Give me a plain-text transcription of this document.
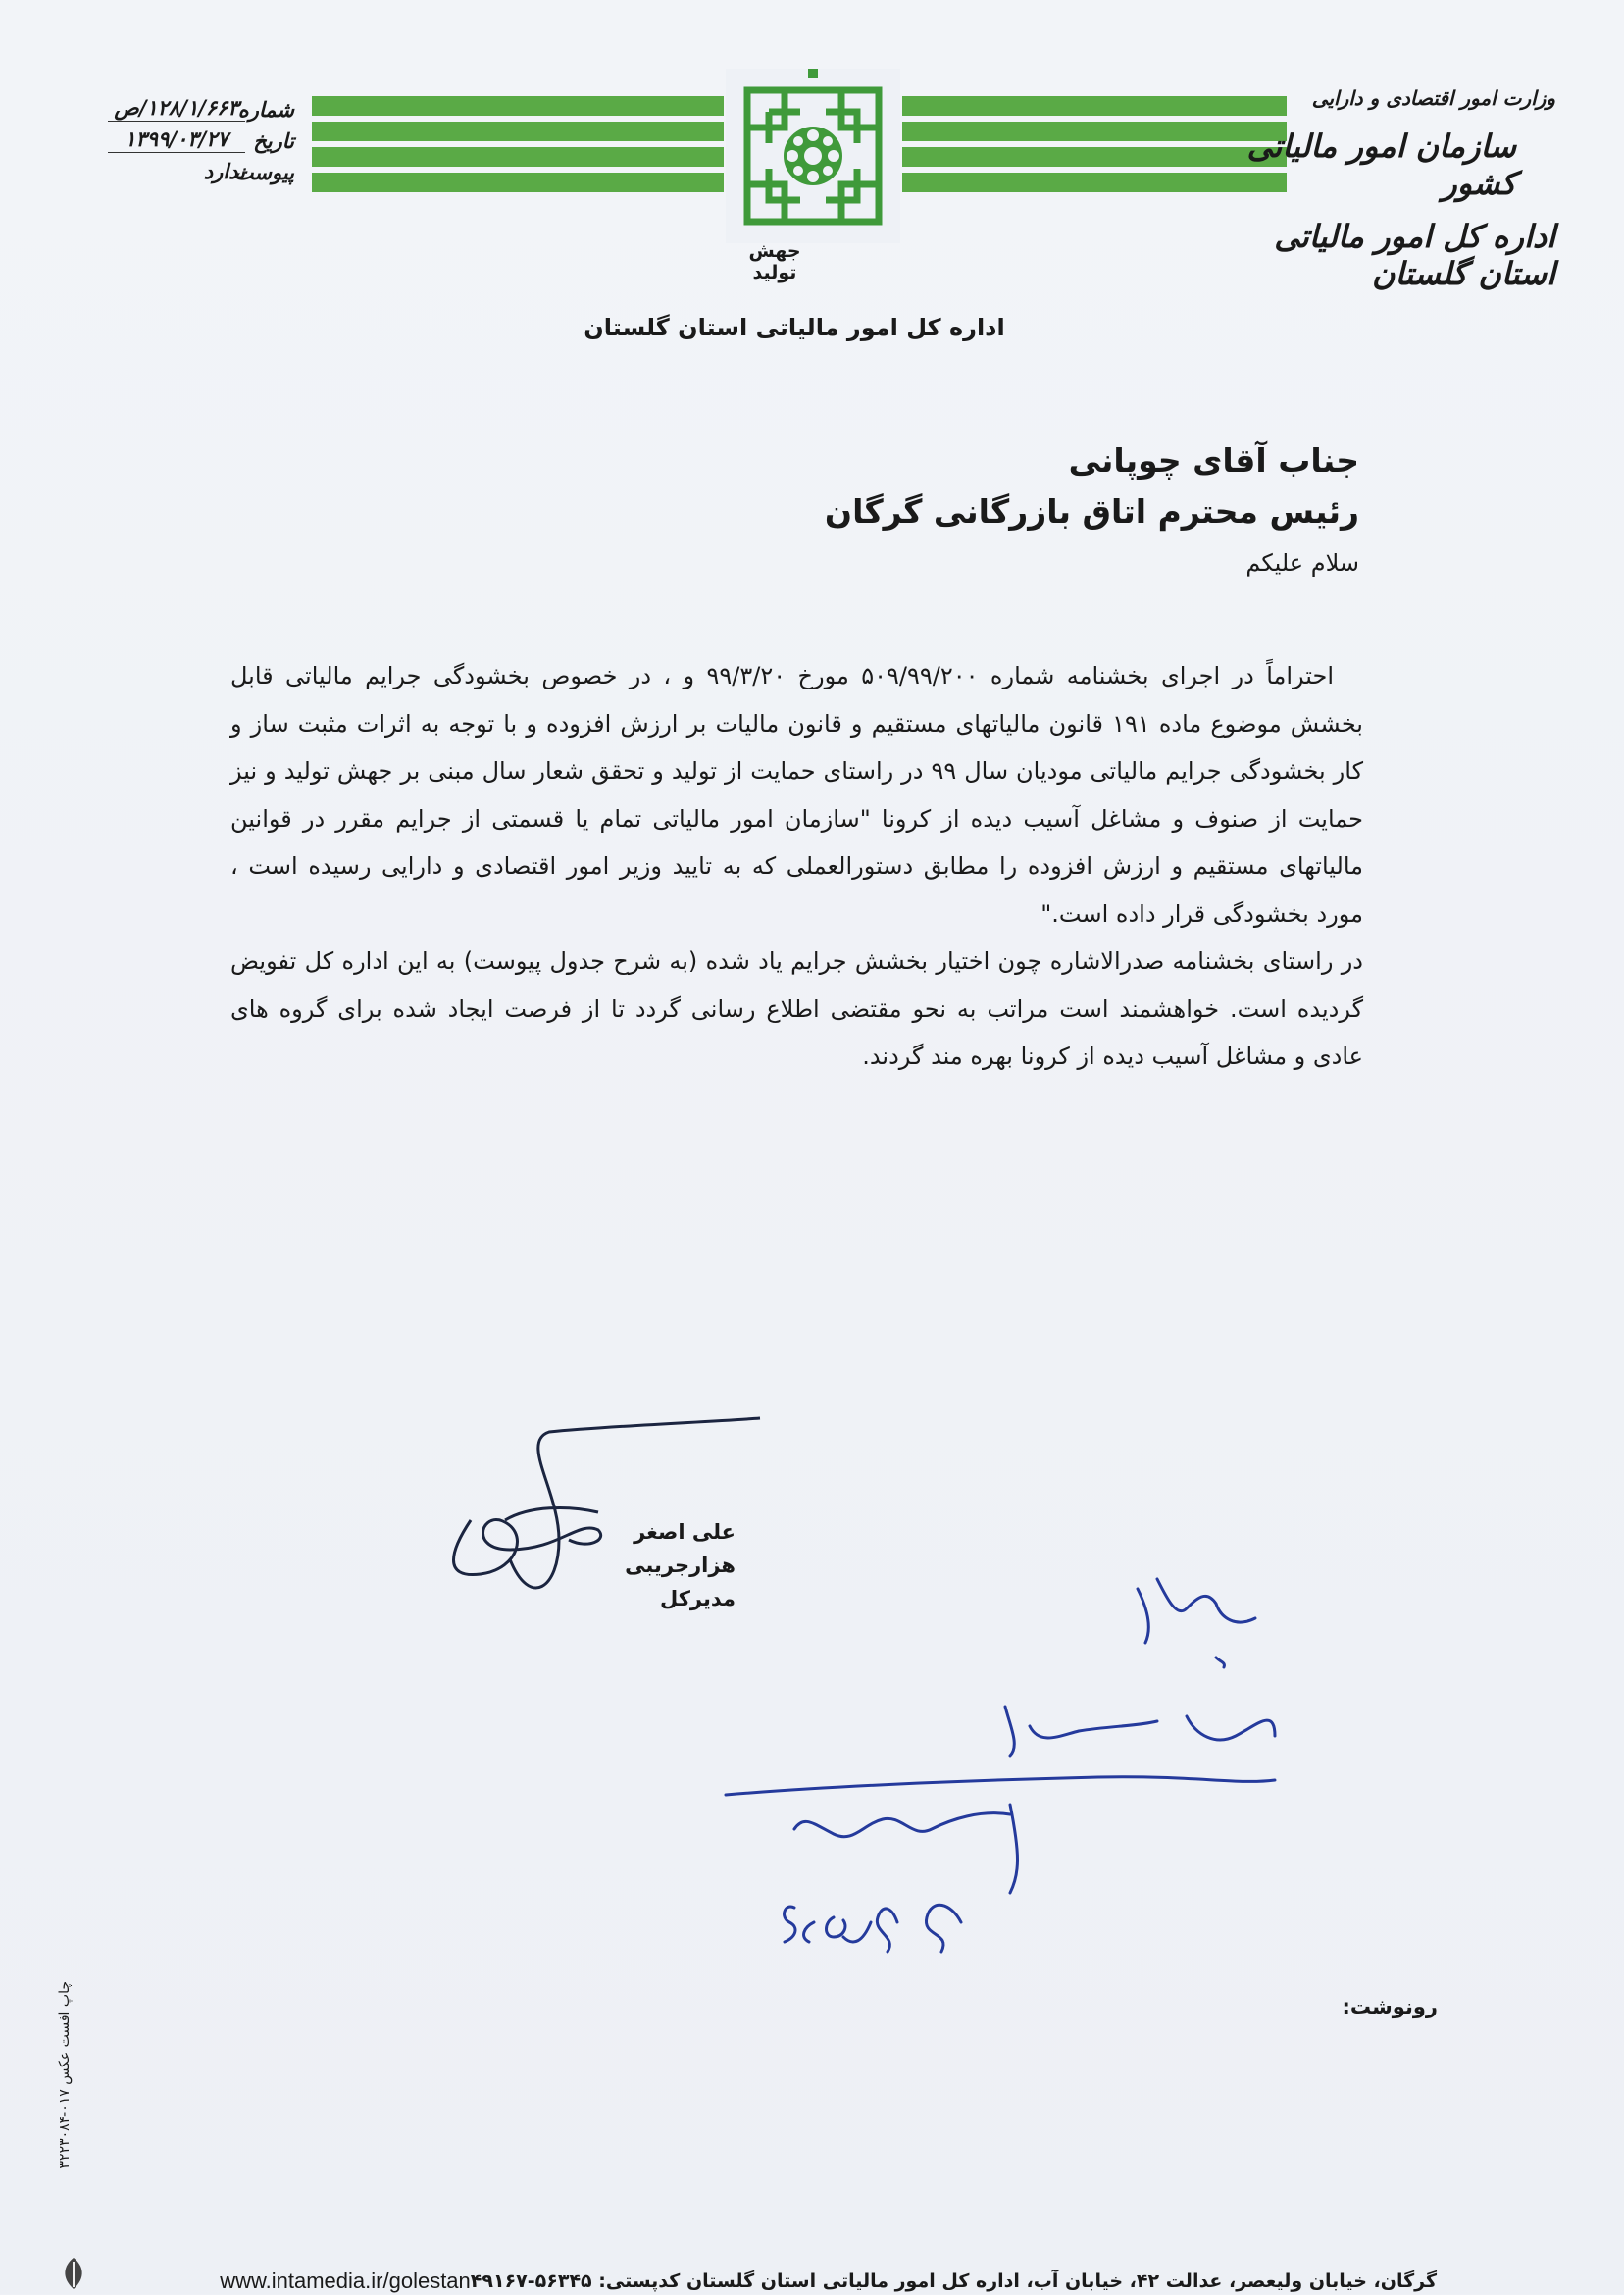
شماره
۱۲۸/۱/۶۶۳/ص
تاریخ
۱۳۹۹/۰۳/۲۷
پیوست
ندارد
وزارت امور اقتصادی و دارایی
سازمان امور مالیاتی کشور
اداره کل امور مالیاتی استان گلستان
جهش تولید
اداره کل امور مالیاتی استان گلستان
جناب آقای چوپانی
رئیس محترم اتاق بازرگانی گرگان
سلام علیکم

احتراماً در اجرای بخشنامه شماره ۵۰۹/۹۹/۲۰۰ مورخ ۹۹/۳/۲۰ و ، در خصوص بخشودگی جرایم مالیاتی قابل بخشش موضوع ماده ۱۹۱ قانون مالیاتهای مستقیم و قانون مالیات بر ارزش افزوده و با توجه به اثرات مثبت ساز و کار بخشودگی جرایم مالیاتی مودیان سال ۹۹ در راستای حمایت از تولید و تحقق شعار سال مبنی بر جهش تولید و نیز حمایت از صنوف و مشاغل آسیب دیده از کرونا "سازمان امور مالیاتی تمام یا قسمتی از جرایم مقرر در قوانین مالیاتهای مستقیم و ارزش افزوده را مطابق دستورالعملی که به تایید وزیر امور اقتصادی و دارایی رسیده است ، مورد بخشودگی قرار داده است."

در راستای بخشنامه صدرالاشاره چون اختیار بخشش جرایم یاد شده (به شرح جدول پیوست) به این اداره کل تفویض گردیده است. خواهشمند است مراتب به نحو مقتضی اطلاع رسانی گردد تا از فرصت ایجاد شده برای گروه های عادی و مشاغل آسیب دیده از کرونا بهره مند گردند.

علی اصغر هزارجریبی
مدیرکل
رونوشت:
گرگان، خیابان ولیعصر، عدالت ۴۲، خیابان آب، اداره کل امور مالیاتی استان گلستان کدپستی: ۵۶۳۴۵-۴۹۱۶۷
www.intamedia.ir/golestan
چاپ افست عکس ۰۱۷-۳۲۲۳۰۸۴
